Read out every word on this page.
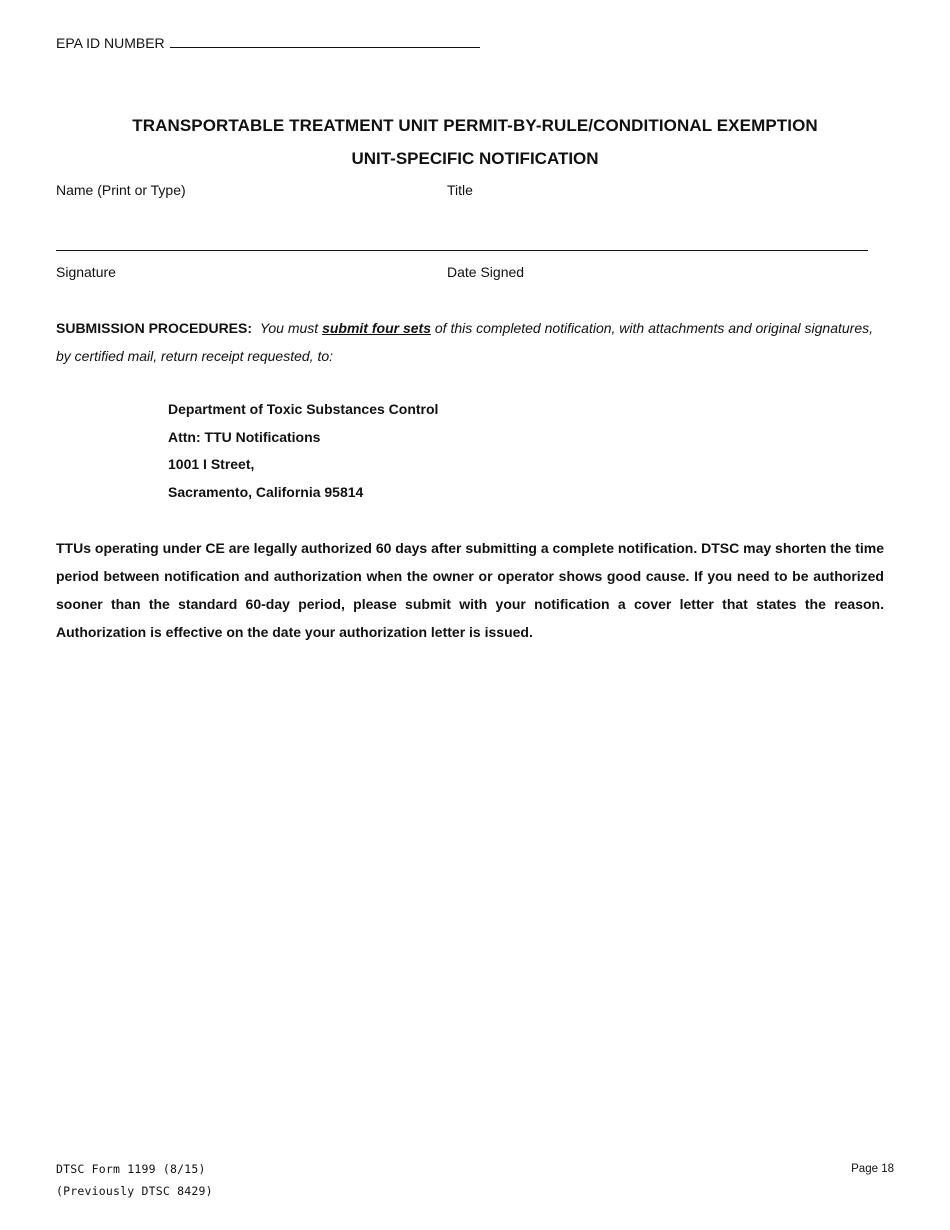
EPA ID NUMBER
TRANSPORTABLE TREATMENT UNIT PERMIT-BY-RULE/CONDITIONAL EXEMPTION
UNIT-SPECIFIC NOTIFICATION
Name (Print or Type)	Title
Signature	Date Signed
SUBMISSION PROCEDURES: You must submit four sets of this completed notification, with attachments and original signatures, by certified mail, return receipt requested, to:
Department of Toxic Substances Control
Attn: TTU Notifications
1001 I Street,
Sacramento, California 95814
TTUs operating under CE are legally authorized 60 days after submitting a complete notification. DTSC may shorten the time period between notification and authorization when the owner or operator shows good cause. If you need to be authorized sooner than the standard 60-day period, please submit with your notification a cover letter that states the reason. Authorization is effective on the date your authorization letter is issued.
DTSC Form 1199 (8/15)
(Previously DTSC 8429)
Page 18
